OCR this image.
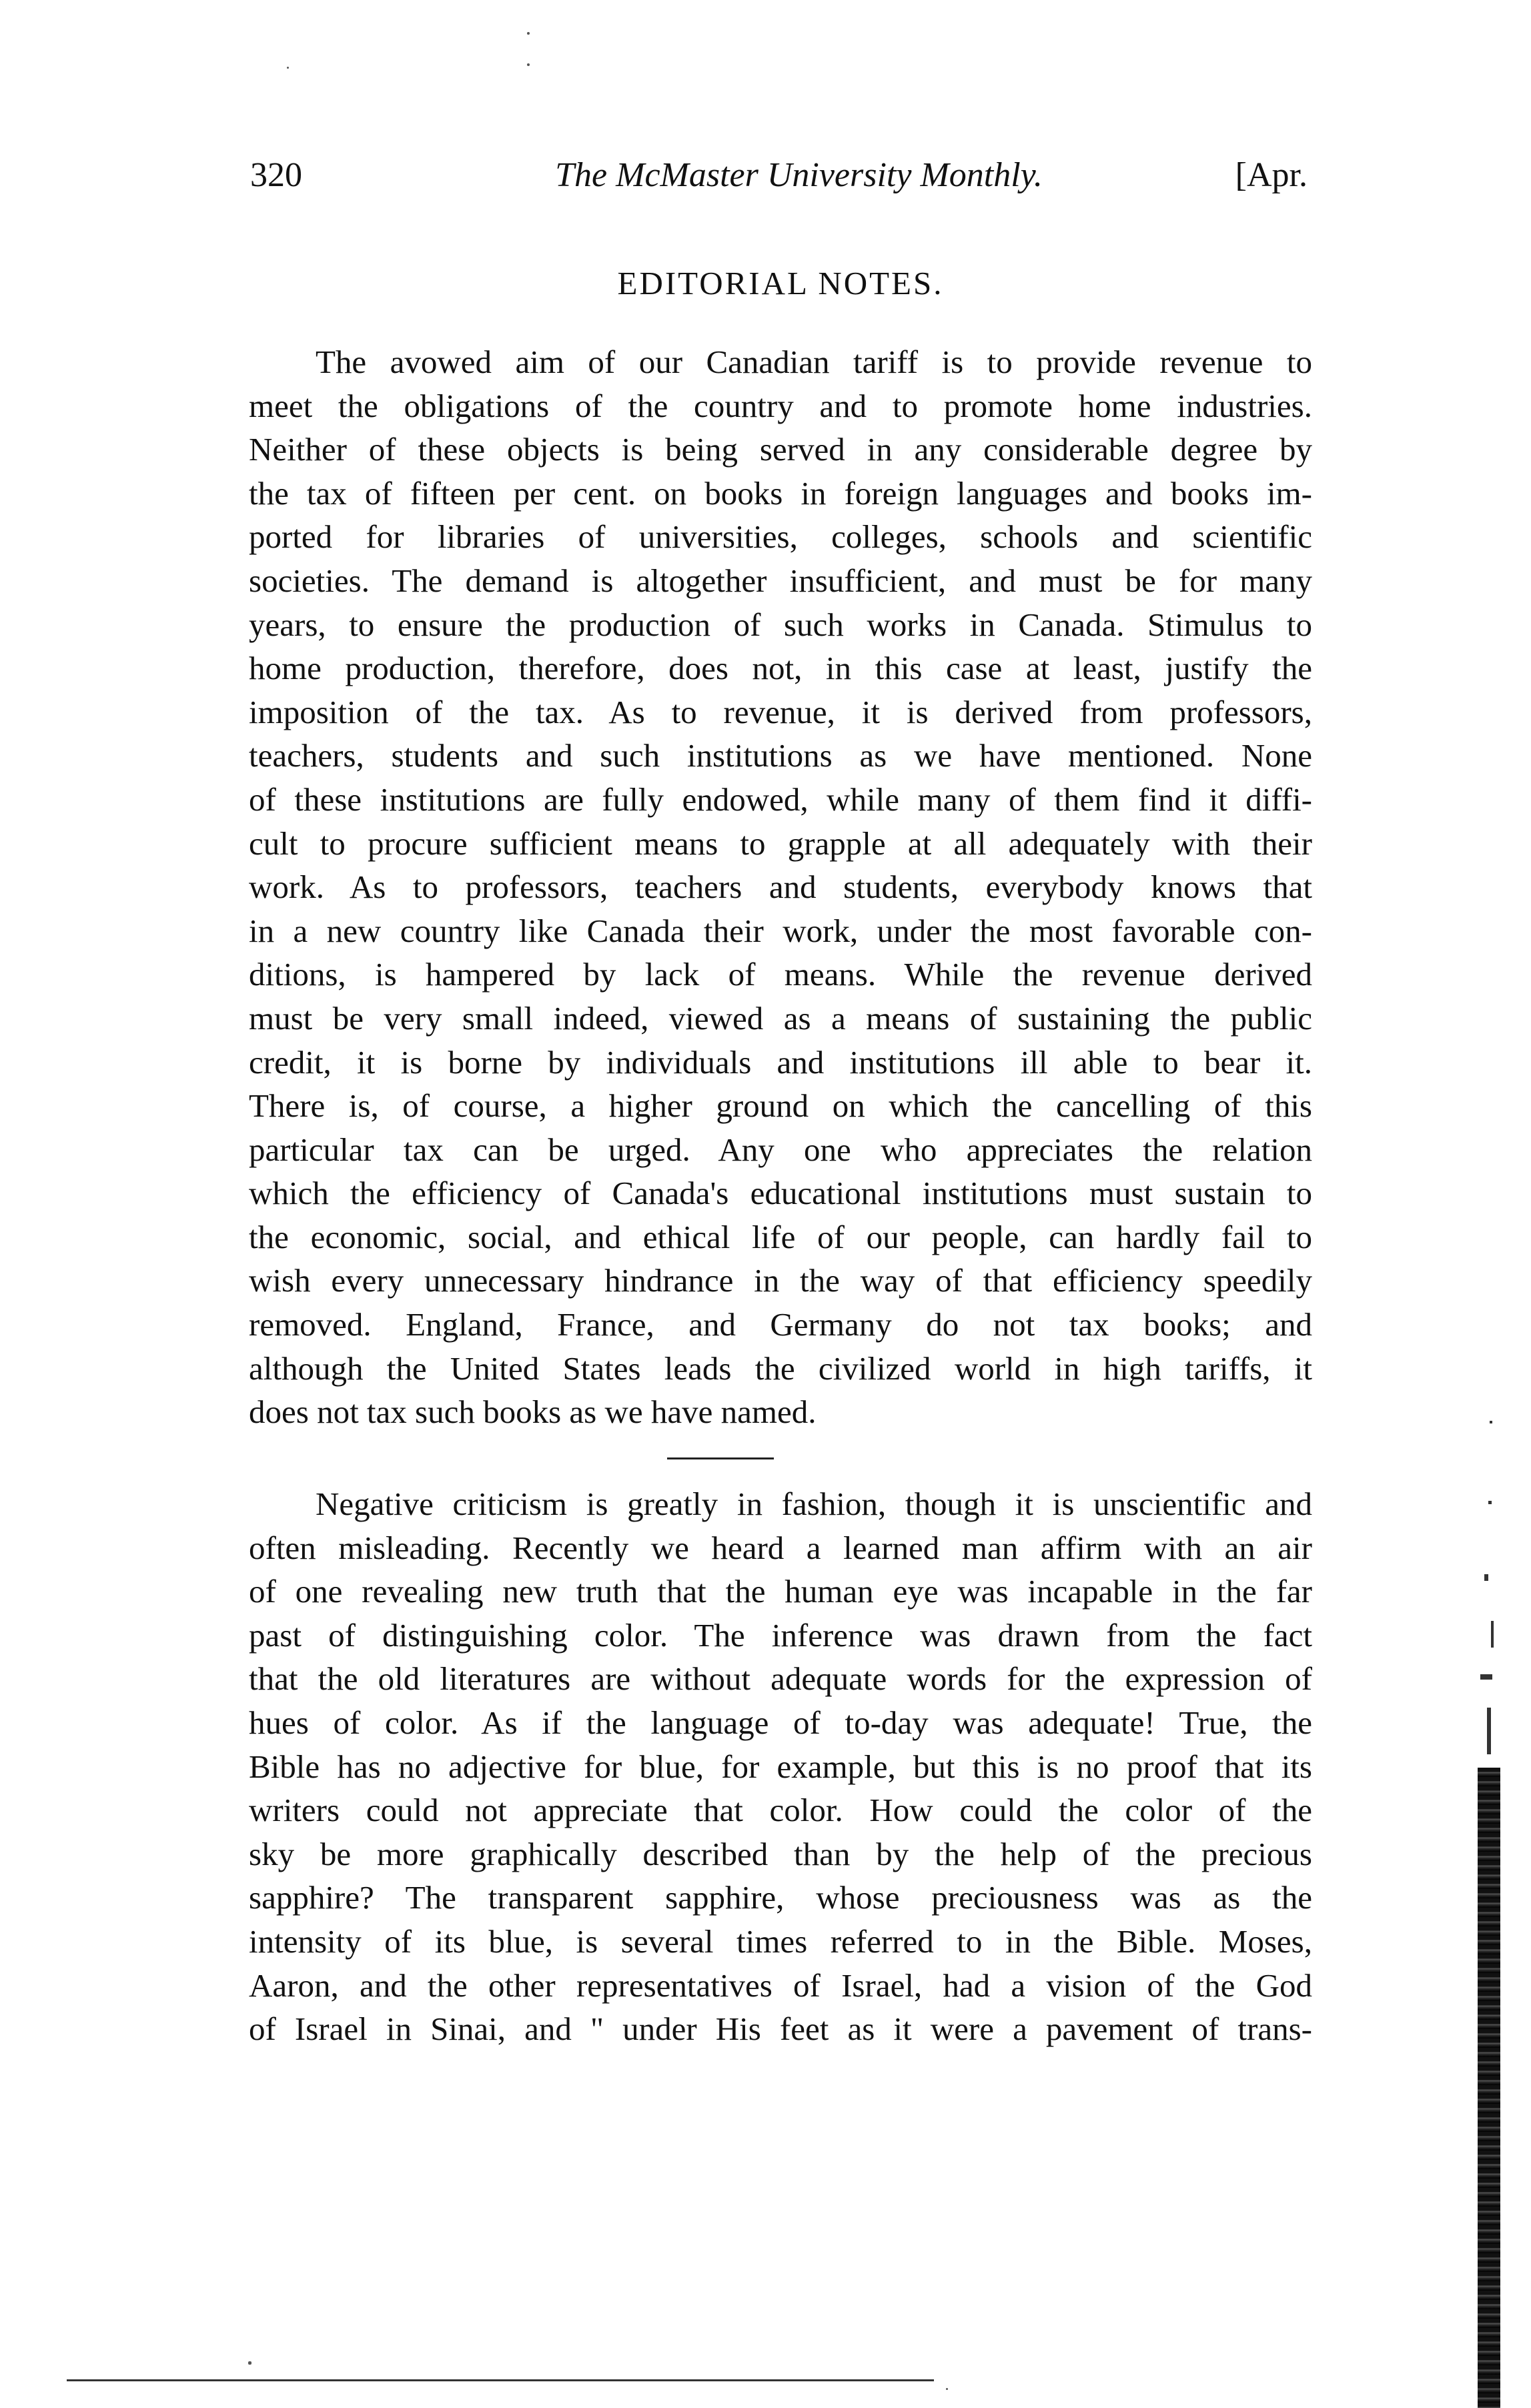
320	The McMaster University Monthly.	[Apr.
EDITORIAL NOTES.
The avowed aim of our Canadian tariff is to provide revenue to
meet the obligations of the country and to promote home industries.
Neither of these objects is being served in any considerable degree by
the tax of fifteen per cent. on books in foreign languages and books im-
ported for libraries of universities, colleges, schools and scientific
societies. The demand is altogether insufficient, and must be for many
years, to ensure the production of such works in Canada. Stimulus to
home production, therefore, does not, in this case at least, justify the
imposition of the tax. As to revenue, it is derived from professors,
teachers, students and such institutions as we have mentioned. None
of these institutions are fully endowed, while many of them find it diffi-
cult to procure sufficient means to grapple at all adequately with their
work. As to professors, teachers and students, everybody knows that
in a new country like Canada their work, under the most favorable con-
ditions, is hampered by lack of means. While the revenue derived
must be very small indeed, viewed as a means of sustaining the public
credit, it is borne by individuals and institutions ill able to bear it.
There is, of course, a higher ground on which the cancelling of this
particular tax can be urged. Any one who appreciates the relation
which the efficiency of Canada's educational institutions must sustain to
the economic, social, and ethical life of our people, can hardly fail to
wish every unnecessary hindrance in the way of that efficiency speedily
removed. England, France, and Germany do not tax books; and
although the United States leads the civilized world in high tariffs, it
does not tax such books as we have named.
Negative criticism is greatly in fashion, though it is unscientific and
often misleading. Recently we heard a learned man affirm with an air
of one revealing new truth that the human eye was incapable in the far
past of distinguishing color. The inference was drawn from the fact
that the old literatures are without adequate words for the expression of
hues of color. As if the language of to-day was adequate! True, the
Bible has no adjective for blue, for example, but this is no proof that its
writers could not appreciate that color. How could the color of the
sky be more graphically described than by the help of the precious
sapphire? The transparent sapphire, whose preciousness was as the
intensity of its blue, is several times referred to in the Bible. Moses,
Aaron, and the other representatives of Israel, had a vision of the God
of Israel in Sinai, and " under His feet as it were a pavement of trans-
